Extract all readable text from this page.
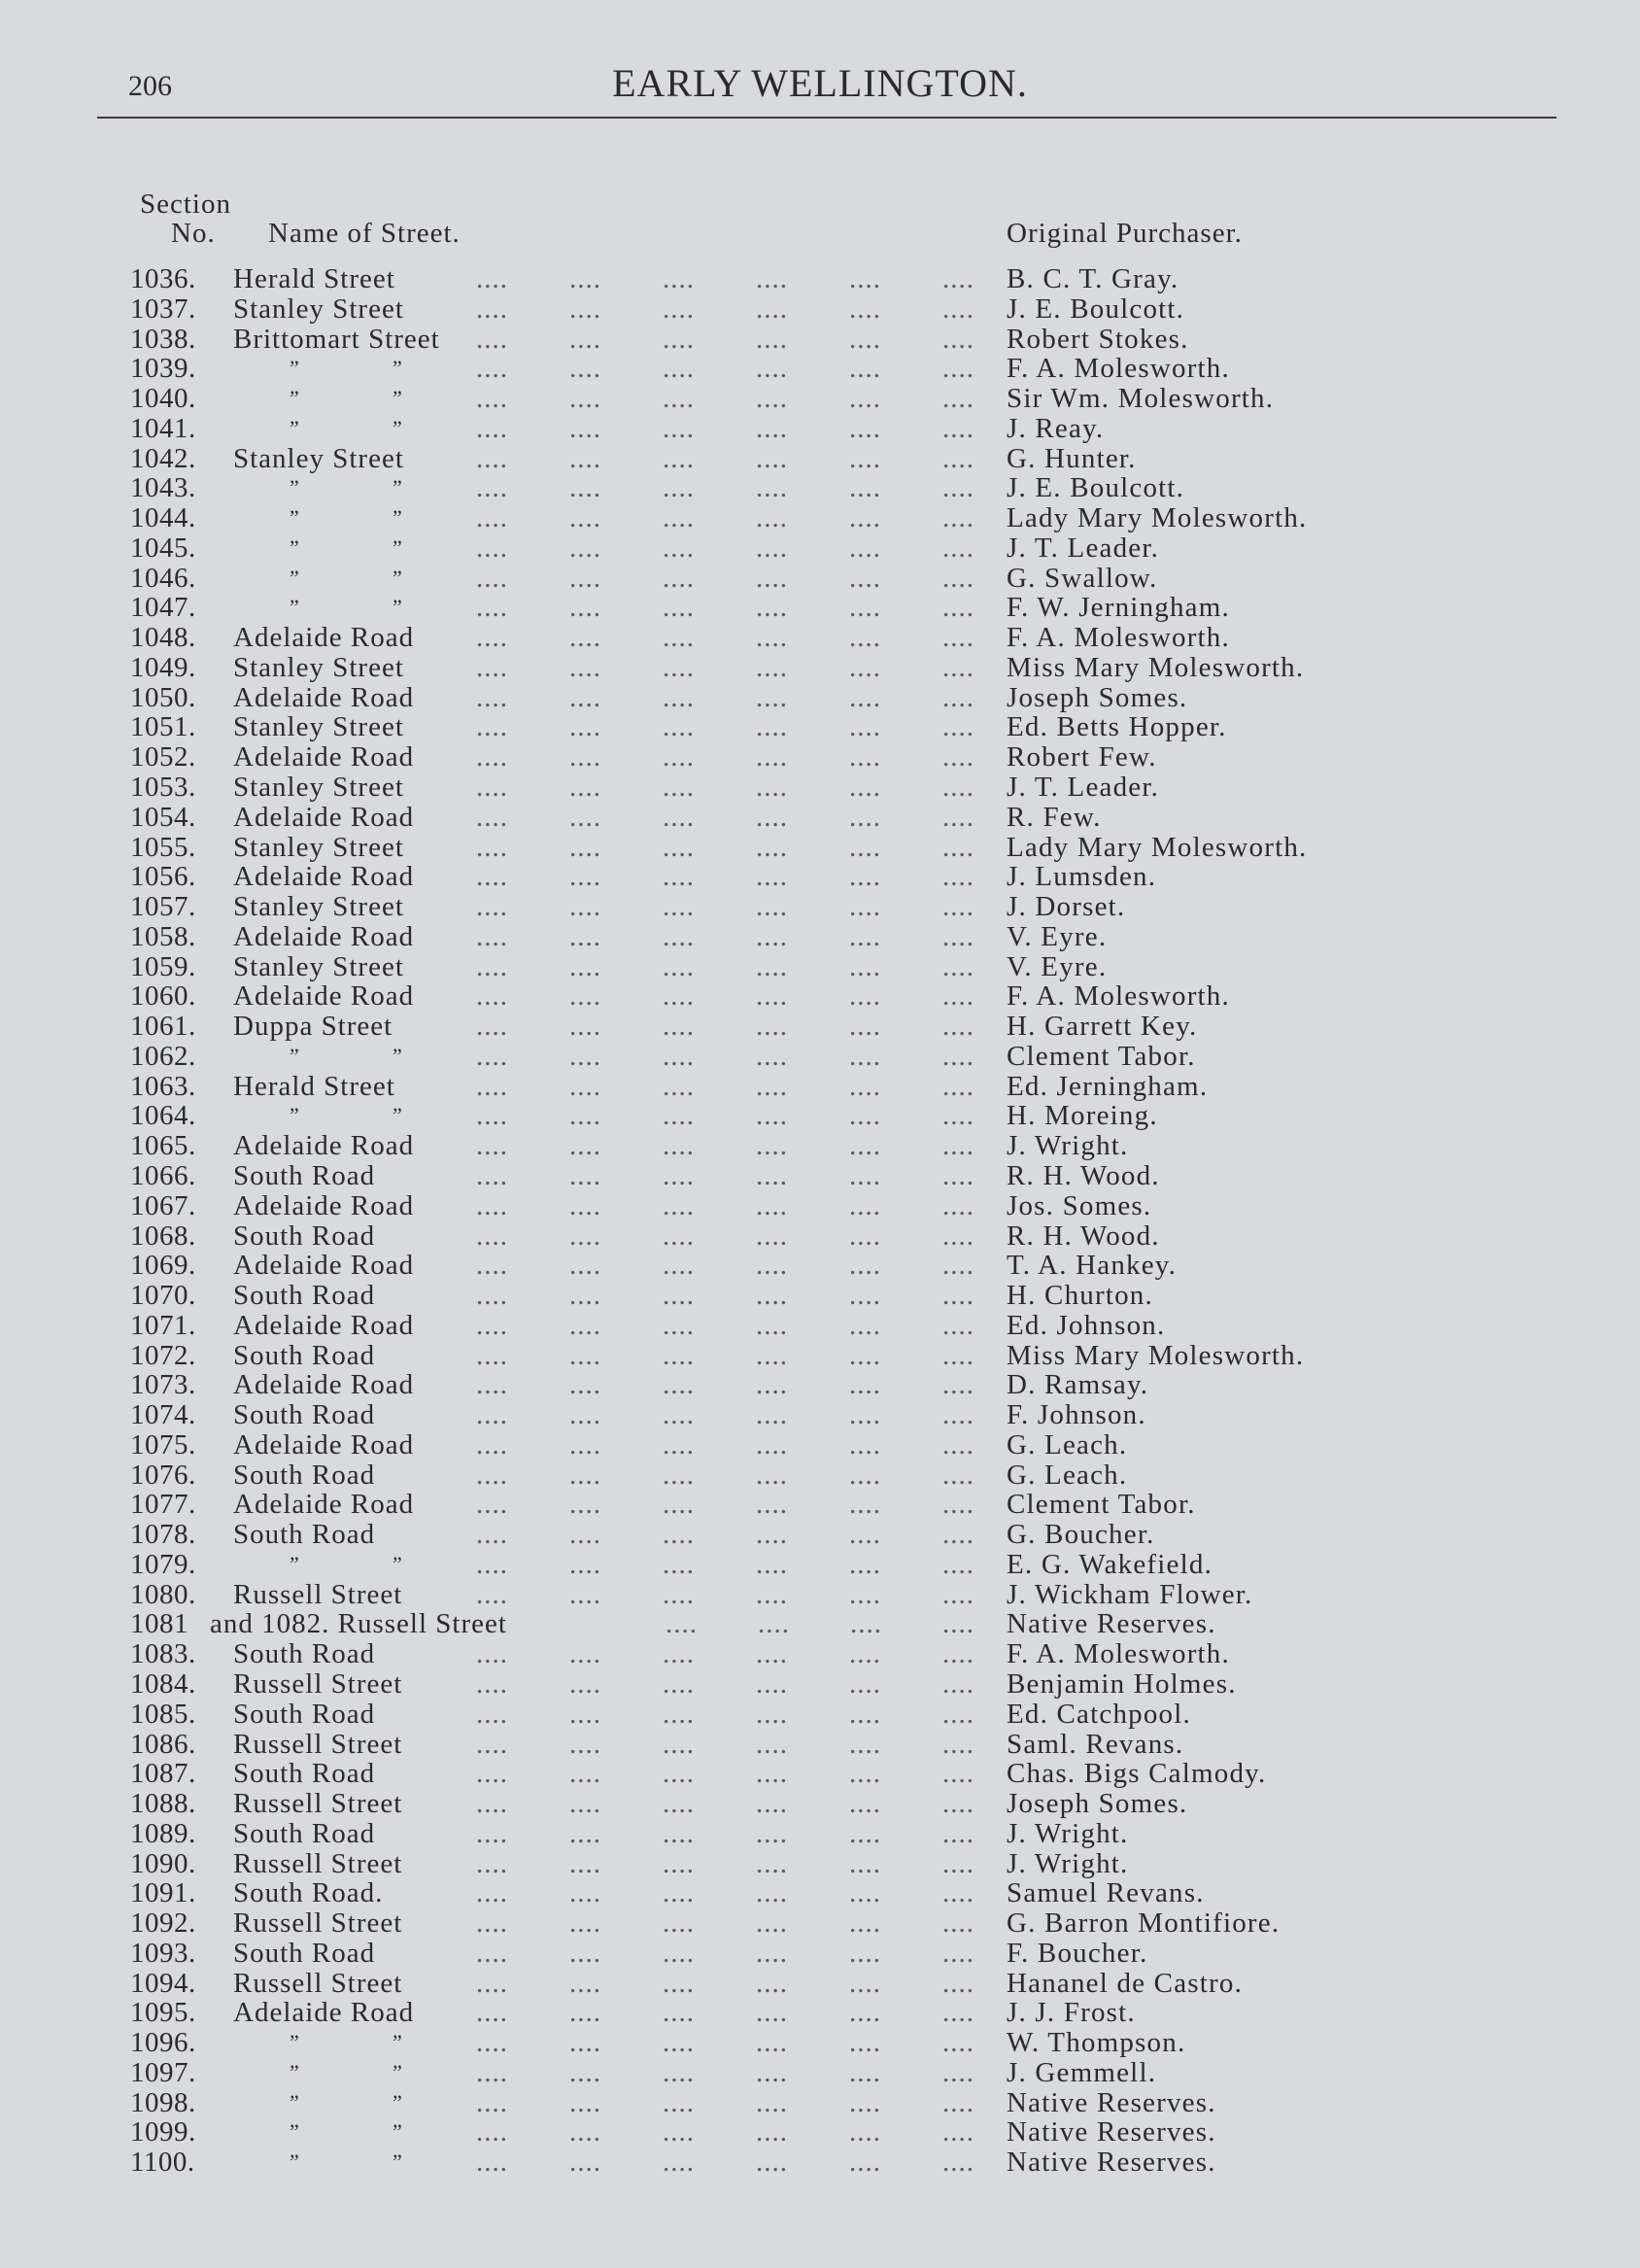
206	EARLY WELLINGTON.
Section
No. Name of Street.	Original Purchaser.
1036. Herald Street	.... .... .... .... .... .... B. C. T. Gray.
1037. Stanley Street	.... .... .... .... .... .... J. E. Boulcott.
1038. Brittomart Street .... .... .... .... .... .... Robert Stokes.
1039.	”	”	.... .... .... .... .... .... F. A. Molesworth.
1040.	”	”	.... .... .... .... .... .... Sir Wm. Molesworth.
1041.	”	”	.... .... .... .... .... .... J. Reay.
1042. Stanley Street	.... .... .... .... .... .... G. Hunter.
1043.	”	”	.... .... .... .... .... .... J. E. Boulcott.
1044.	”	”	.... .... .... .... .... .... Lady Mary Molesworth.
1045.	”	”	.... .... .... .... .... .... J. T. Leader.
1046.	”	”	.... .... .... .... .... .... G. Swallow.
1047.	”	”	.... .... .... .... .... .... F. W. Jerningham.
1048. Adelaide Road .... .... .... .... .... .... F. A. Molesworth.
1049. Stanley Street	.... .... .... .... .... .... Miss Mary Molesworth.
1050. Adelaide Road .... .... .... .... .... .... Joseph Somes.
1051. Stanley Street	.... .... .... .... .... .... Ed. Betts Hopper.
1052. Adelaide Road .... .... .... .... .... .... Robert Few.
1053. Stanley Street	.... .... .... .... .... .... J. T. Leader.
1054. Adelaide Road .... .... .... .... .... .... R. Few.
1055. Stanley Street	.... .... .... .... .... .... Lady Mary Molesworth.
1056. Adelaide Road .... .... .... .... .... .... J. Lumsden.
1057. Stanley Street	.... .... .... .... .... .... J. Dorset.
1058. Adelaide Road .... .... .... .... .... .... V. Eyre.
1059. Stanley Street	.... .... .... .... .... .... V. Eyre.
1060. Adelaide Road .... .... .... .... .... .... F. A. Molesworth.
1061. Duppa Street	.... .... .... .... .... .... H. Garrett Key.
1062.	”	”	.... .... .... .... .... .... Clement Tabor.
1063. Herald Street	.... .... .... .... .... .... Ed. Jerningham.
1064.	”	”	.... .... .... .... .... .... H. Moreing.
1065. Adelaide Road .... .... .... .... .... .... J. Wright.
1066. South Road	.... .... .... .... .... .... R. H. Wood.
1067. Adelaide Road .... .... .... .... .... .... Jos. Somes.
1068. South Road	.... .... .... .... .... .... R. H. Wood.
1069. Adelaide Road .... .... .... .... .... .... T. A. Hankey.
1070. South Road	.... .... .... .... .... .... H. Churton.
1071. Adelaide Road .... .... .... .... .... .... Ed. Johnson.
1072. South Road	.... .... .... .... .... .... Miss Mary Molesworth.
1073. Adelaide Road .... .... .... .... .... .... D. Ramsay.
1074. South Road	.... .... .... .... .... .... F. Johnson.
1075. Adelaide Road .... .... .... .... .... .... G. Leach.
1076. South Road	.... .... .... .... .... .... G. Leach.
1077. Adelaide Road .... .... .... .... .... .... Clement Tabor.
1078. South Road	.... .... .... .... .... .... G. Boucher.
1079.	”	”	.... .... .... .... .... .... E. G. Wakefield.
1080. Russell Street	.... .... .... .... .... .... J. Wickham Flower.
1081 and 1082. Russell Street	.... .... .... .... Native Reserves.
1083. South Road	.... .... .... .... .... .... F. A. Molesworth.
1084. Russell Street	.... .... .... .... .... .... Benjamin Holmes.
1085. South Road	.... .... .... .... .... .... Ed. Catchpool.
1086. Russell Street	.... .... .... .... .... .... Saml. Revans.
1087. South Road	.... .... .... .... .... .... Chas. Bigs Calmody.
1088. Russell Street	.... .... .... .... .... .... Joseph Somes.
1089. South Road	.... .... .... .... .... .... J. Wright.
1090. Russell Street	.... .... .... .... .... .... J. Wright.
1091. South Road.	.... .... .... .... .... .... Samuel Revans.
1092. Russell Street	.... .... .... .... .... .... G. Barron Montifiore.
1093. South Road	.... .... .... .... .... .... F. Boucher.
1094. Russell Street	.... .... .... .... .... .... Hananel de Castro.
1095. Adelaide Road .... .... .... .... .... .... J. J. Frost.
1096.	”	”	.... .... .... .... .... .... W. Thompson.
1097.	”	”	.... .... .... .... .... .... J. Gemmell.
1098.	”	”	.... .... .... .... .... .... Native Reserves.
1099.	”	”	.... .... .... .... .... .... Native Reserves.
1100.	”	”	.... .... .... .... .... .... Native Reserves.
